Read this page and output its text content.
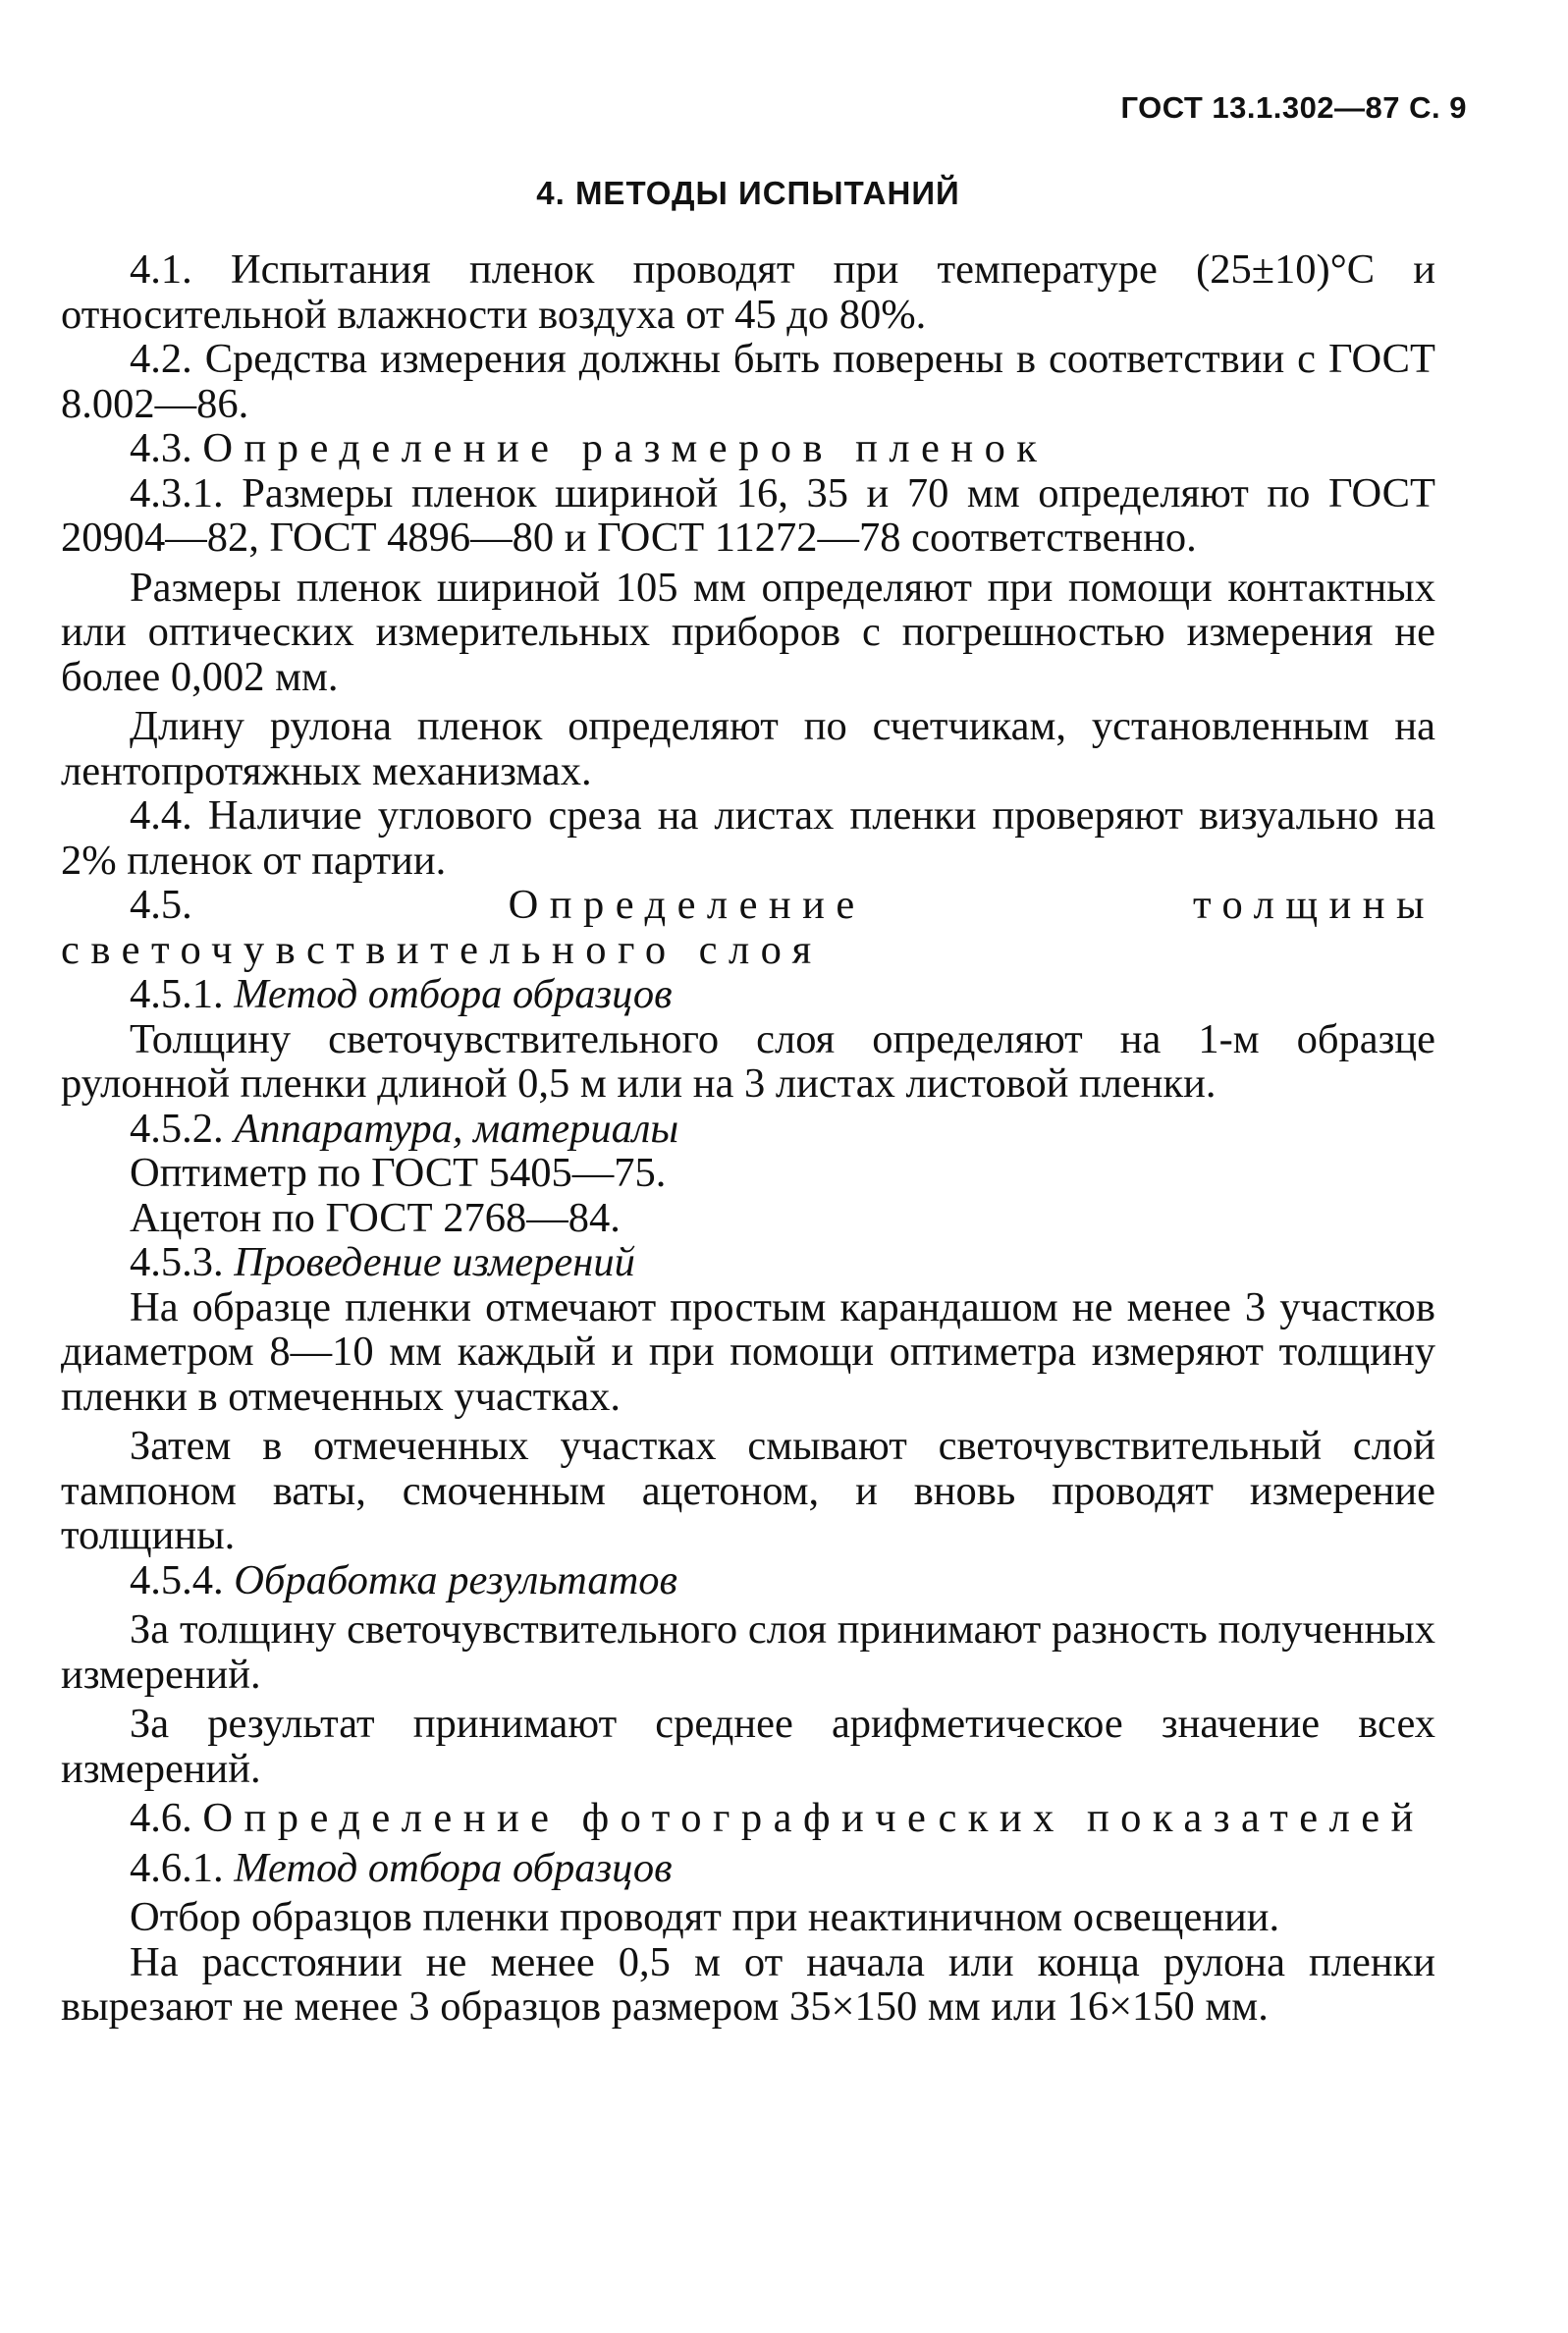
ГОСТ 13.1.302—87 С. 9
4. МЕТОДЫ ИСПЫТАНИЙ

4.1. Испытания пленок проводят при температуре (25±10)°С и относительной влажности воздуха от 45 до 80%.

4.2. Средства измерения должны быть поверены в соответствии с ГОСТ 8.002—86.

4.3. Определение размеров пленок

4.3.1. Размеры пленок шириной 16, 35 и 70 мм определяют по ГОСТ 20904—82, ГОСТ 4896—80 и ГОСТ 11272—78 соответственно.

Размеры пленок шириной 105 мм определяют при помощи контактных или оптических измерительных приборов с погрешностью измерения не более 0,002 мм.

Длину рулона пленок определяют по счетчикам, установленным на лентопротяжных механизмах.

4.4. Наличие углового среза на листах пленки проверяют визуально на 2% пленок от партии.

4.5.	Определение толщины светочувствительного слоя

4.5.1. Метод отбора образцов

Толщину светочувствительного слоя определяют на 1-м образце рулонной пленки длиной 0,5 м или на 3 листах листовой пленки.

4.5.2. Аппаратура, материалы

Оптиметр по ГОСТ 5405—75.

Ацетон по ГОСТ 2768—84.

4.5.3. Проведение измерений

На образце пленки отмечают простым карандашом не менее 3 участков диаметром 8—10 мм каждый и при помощи оптиметра измеряют толщину пленки в отмеченных участках.

Затем в отмеченных участках смывают светочувствительный слой тампоном ваты, смоченным ацетоном, и вновь проводят измерение толщины.

4.5.4. Обработка результатов

За толщину светочувствительного слоя принимают разность полученных измерений.

За результат принимают среднее арифметическое значение всех измерений.

4.6. Определение фотографических показателей

4.6.1. Метод отбора образцов

Отбор образцов пленки проводят при неактиничном освещении.

На расстоянии не менее 0,5 м от начала или конца рулона пленки вырезают не менее 3 образцов размером 35×150 мм или 16×150 мм.
